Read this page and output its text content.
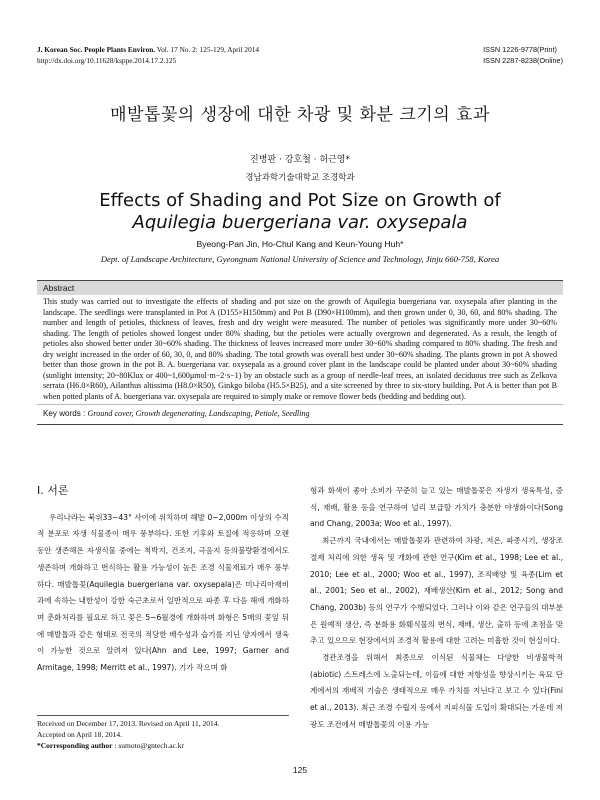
J. Korean Soc. People Plants Environ. Vol. 17 No. 2: 125-129, April 2014
http://dx.doi.org/10.11628/ksppe.2014.17.2.125
ISSN 1226-9778(Print)
ISSN 2287-8238(Online)
매발톱꽃의 생장에 대한 차광 및 화분 크기의 효과
진병판 · 강호철 · 허근영*
경남과학기술대학교 조경학과
Effects of Shading and Pot Size on Growth of
Aquilegia buergeriana var. oxysepala
Byeong-Pan Jin, Ho-Chul Kang and Keun-Young Huh*
Dept. of Landscape Architecture, Gyeongnam National University of Science and Technology, Jinju 660-758, Korea
Abstract
This study was carried out to investigate the effects of shading and pot size on the growth of Aquilegia buergeriana var. oxysepala after planting in the landscape. The seedlings were transplanted in Pot A (D155×H150mm) and Pot B (D90×H100mm), and then grown under 0, 30, 60, and 80% shading. The number and length of petioles, thickness of leaves, fresh and dry weight were measured. The number of petioles was significantly more under 30~60% shading. The length of petioles showed longest under 80% shading, but the petioles were actually overgrown and degenerated. As a result, the length of petioles also showed better under 30~60% shading. The thickness of leaves increased more under 30~60% shading compared to 80% shading. The fresh and dry weight increased in the order of 60, 30, 0, and 80% shading. The total growth was overall best under 30~60% shading. The plants grown in pot A showed better than those grown in the pot B. A. buergeriana var. oxysepala as a ground cover plant in the landscape could be planted under about 30~60% shading (sunlight intensity; 20~80Klux or 400~1,600μmol·m−2·s−1) by an obstacle such as a group of needle-leaf trees, an isolated deciduous tree such as Zelkova serrata (H6.0×R60), Ailanthus altissima (H8.0×R50), Ginkgo biloba (H5.5×B25), and a site screened by three to six-story building. Pot A is better than pot B when potted plants of A. buergeriana var. oxysepala are required to simply make or remove flower beds (bedding and bedding out).
Key words : Ground cover, Growth degenerating, Landscaping, Petiole, Seedling
Ⅰ. 서론
우리나라는 북위33~43° 사이에 위치하며 해발 0~2,000m 이상의 수직적 분포로 자생 식물종이 매우 풍부하다. 또한 기후와 토질에 적응하며 오랜 동안 생존해온 자생식물 중에는 척박지, 건조지, 극음지 등의불량환경에서도 생존하며 개화하고 번식하는 활용 가능성이 높은 조경 식물재료가 매우 풍부하다. 매발톱꽃(Aquilegia buergeriana var. oxysepala)은 미나리아재비과에 속하는 내한성이 강한 숙근초로서 일반적으로 파종 후 다음 해에 개화하며 춘화처리를 필요로 하고 꽃은 5~6월경에 개화하며 화형은 5매의 꽃잎 뒤에 매발톱과 같은 형태로 전국의 적당한 배수성과 습기를 지닌 양지에서 생육이 가능한 것으로 알려져 있다(Ahn and Lee, 1997; Garner and Armitage, 1998; Merritt et al., 1997). 기가 작으며 화
형과 화색이 좋아 소비가 꾸준히 늘고 있는 매발톱꽃은 자생지 생육특성, 증식, 재배, 활용 등을 연구하여 널리 보급할 가치가 충분한 야생화이다(Song and Chang, 2003a; Woo et al., 1997).
최근까지 국내에서는 매발톱꽃과 관련하여 차광, 저온, 파종시기, 생장조절제 처리에 의한 생육 및 개화에 관한 연구(Kim et al., 1998; Lee et al., 2010; Lee et al., 2000; Woo et al., 1997), 조직배양 및 육종(Lim et al., 2001; Seo et al., 2002), 재배생산(Kim et al., 2012; Song and Chang, 2003b) 등의 연구가 수행되었다. 그러나 이와 같은 연구들의 대부분은 원예적 생산, 즉 분화용 화훼식물의 번식, 재배, 생산, 출하 등에 초점을 맞추고 있으므로 현장에서의 조경적 활용에 대한 고려는 미흡한 것이 현실이다.
경관조경을 위해서 최종으로 이식된 식물체는 다양한 비생물학적(abiotic) 스트레스에 노출되는데, 이들에 대한 저항성을 향상시키는 육묘 단계에서의 재배적 기술은 생태적으로 매우 가치를 지닌다고 보고 수 있다(Fini et al., 2013). 최근 조경 수립지 등에서 지피식물 도입이 확대되는 가운데 저광도 조건에서 매발톱꽃의 이용 가능
Received on December 17, 2013. Revised on April 11, 2014.
Accepted on April 18, 2014.
*Corresponding author : sumoto@gntech.ac.kr
125
